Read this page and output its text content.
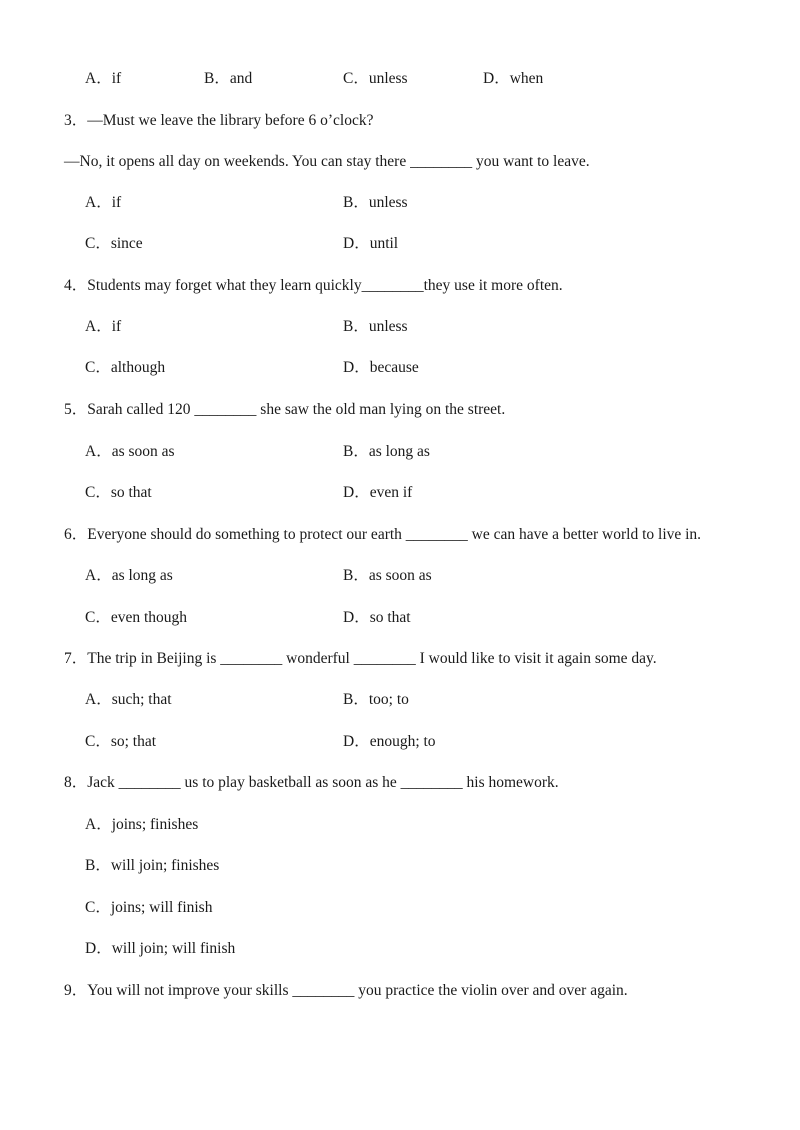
A．if	B．and	C．unless	D．when
3．—Must we leave the library before 6 o’clock?
—No, it opens all day on weekends. You can stay there ________ you want to leave.
A．if	B．unless
C．since	D．until
4．Students may forget what they learn quickly________they use it more often.
A．if	B．unless
C．although	D．because
5．Sarah called 120 ________ she saw the old man lying on the street.
A．as soon as	B．as long as
C．so that	D．even if
6．Everyone should do something to protect our earth ________ we can have a better world to live in.
A．as long as	B．as soon as
C．even though	D．so that
7．The trip in Beijing is ________ wonderful ________ I would like to visit it again some day.
A．such; that	B．too; to
C．so; that	D．enough; to
8．Jack ________ us to play basketball as soon as he ________ his homework.
A．joins; finishes
B．will join; finishes
C．joins; will finish
D．will join; will finish
9．You will not improve your skills ________ you practice the violin over and over again.
